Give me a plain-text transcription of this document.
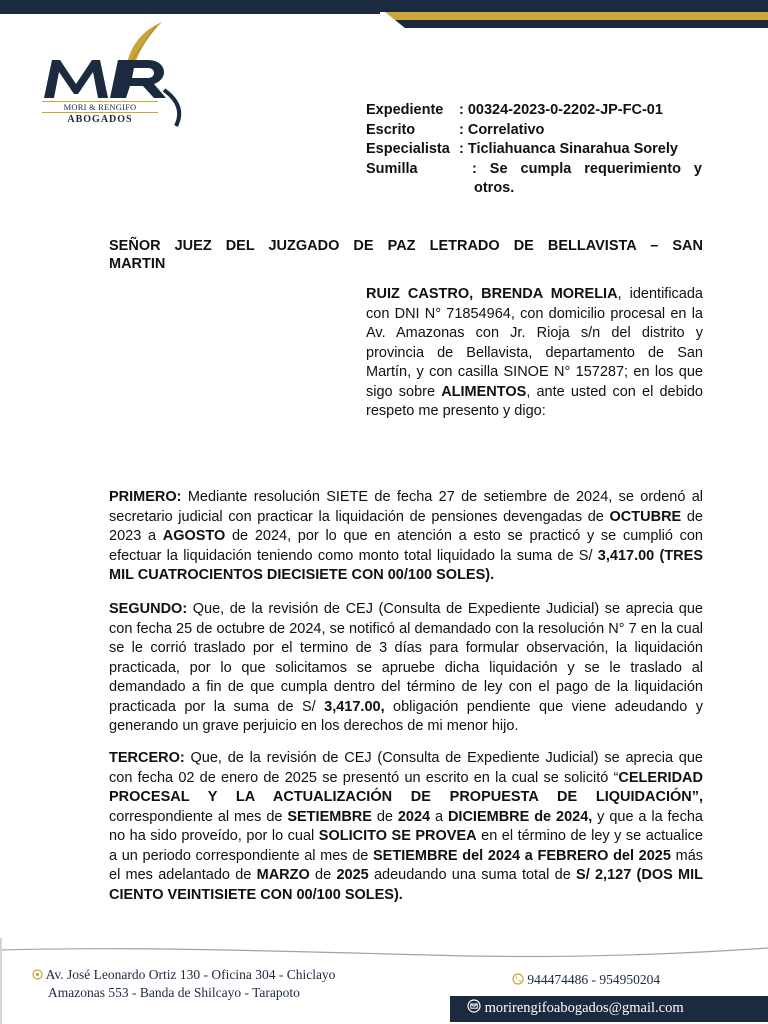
MORI & RENGIFO
ABOGADOS
Expediente	: 00324-2023-0-2202-JP-FC-01
Escrito	: Correlativo
Especialista : Ticliahuanca Sinarahua Sorely
Sumilla	: Se cumpla requerimiento y
otros.
SEÑOR JUEZ DEL JUZGADO DE PAZ LETRADO DE BELLAVISTA – SAN
MARTIN
RUIZ CASTRO, BRENDA MORELIA, identificada con DNI N° 71854964, con domicilio procesal en la Av. Amazonas con Jr. Rioja s/n del distrito y provincia de Bellavista, departamento de San Martín, y con casilla SINOE N° 157287; en los que sigo sobre ALIMENTOS, ante usted con el debido respeto me presento y digo:
PRIMERO: Mediante resolución SIETE de fecha 27 de setiembre de 2024, se ordenó al secretario judicial con practicar la liquidación de pensiones devengadas de OCTUBRE de 2023 a AGOSTO de 2024, por lo que en atención a esto se practicó y se cumplió con efectuar la liquidación teniendo como monto total liquidado la suma de S/ 3,417.00 (TRES MIL CUATROCIENTOS DIECISIETE CON 00/100 SOLES).
SEGUNDO: Que, de la revisión de CEJ (Consulta de Expediente Judicial) se aprecia que con fecha 25 de octubre de 2024, se notificó al demandado con la resolución N° 7 en la cual se le corrió traslado por el termino de 3 días para formular observación, la liquidación practicada, por lo que solicitamos se apruebe dicha liquidación y se le traslado al demandado a fin de que cumpla dentro del término de ley con el pago de la liquidación practicada por la suma de S/ 3,417.00, obligación pendiente que viene adeudando y generando un grave perjuicio en los derechos de mi menor hijo.
TERCERO: Que, de la revisión de CEJ (Consulta de Expediente Judicial) se aprecia que con fecha 02 de enero de 2025 se presentó un escrito en la cual se solicitó “CELERIDAD PROCESAL Y LA ACTUALIZACIÓN DE PROPUESTA DE LIQUIDACIÓN”, correspondiente al mes de SETIEMBRE de 2024 a DICIEMBRE de 2024, y que a la fecha no ha sido proveído, por lo cual SOLICITO SE PROVEA en el término de ley y se actualice a un periodo correspondiente al mes de SETIEMBRE del 2024 a FEBRERO del 2025 más el mes adelantado de MARZO de 2025 adeudando una suma total de S/ 2,127 (DOS MIL CIENTO VEINTISIETE CON 00/100 SOLES).
Av. José Leonardo Ortiz 130 - Oficina 304 - Chiclayo
Amazonas 553 - Banda de Shilcayo - Tarapoto
944474486 - 954950204
morirengifoabogados@gmail.com
